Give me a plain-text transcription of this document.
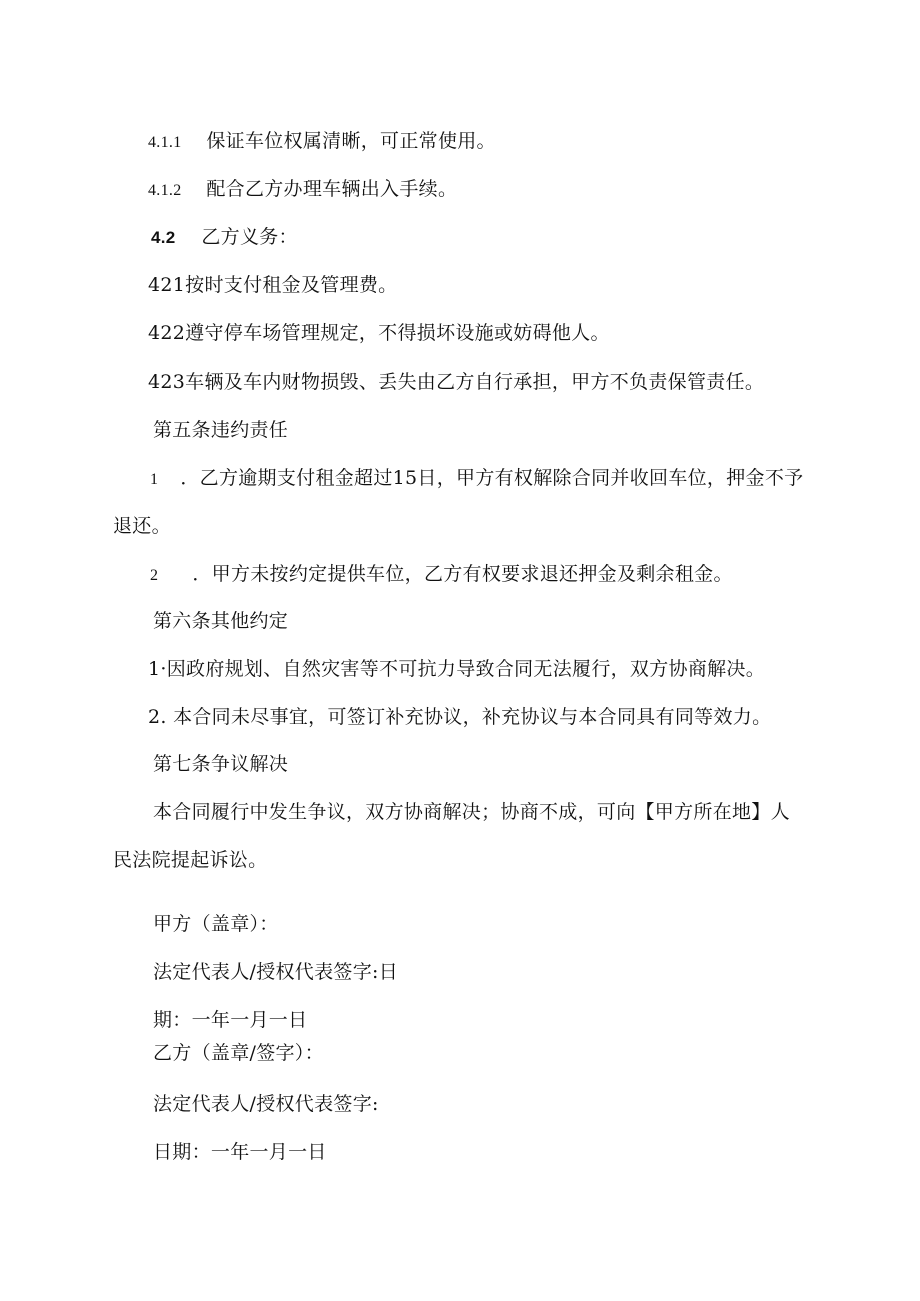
4.1.1 保证车位权属清晰，可正常使用。
4.1.2 配合乙方办理车辆出入手续。
4.2 乙方义务：
421按时支付租金及管理费。
422遵守停车场管理规定，不得损坏设施或妨碍他人。
423车辆及车内财物损毁、丢失由乙方自行承担，甲方不负责保管责任。
第五条违约责任
1 ．乙方逾期支付租金超过15日，甲方有权解除合同并收回车位，押金不予
退还。
2 ．甲方未按约定提供车位，乙方有权要求退还押金及剩余租金。
第六条其他约定
1·因政府规划、自然灾害等不可抗力导致合同无法履行，双方协商解决。
2. 本合同未尽事宜，可签订补充协议，补充协议与本合同具有同等效力。
第七条争议解决
本合同履行中发生争议，双方协商解决；协商不成，可向【甲方所在地】人
民法院提起诉讼。
甲方（盖章）：
法定代表人/授权代表签字:日
期：一年一月一日
乙方（盖章/签字）：
法定代表人/授权代表签字:
日期：一年一月一日
